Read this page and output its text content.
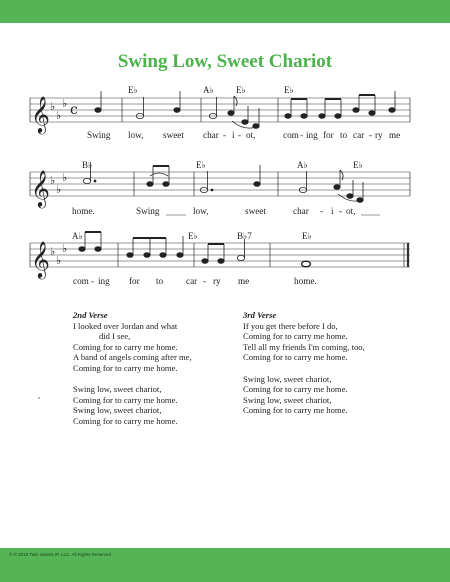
Swing Low, Sweet Chariot
𝄞
𝄞
𝄞
♭
♭
♭
♭
♭
♭
♭
♭
♭
c
E♭	A♭ E♭	E♭
B♭	E♭	A♭	E♭
A♭	E♭	B♭7	E♭
Swing low, sweet char - i - ot,	com - ing for to car - ry me
home.	Swing	low,	sweet	char - i - ot,
com - ing for to car - ry me	home.
2nd Verse
I looked over Jordan and what
did I see,
Coming for to carry me home.
A band of angels coming after me,
Coming for to carry me home.
Swing low, sweet chariot,
Coming for to carry me home.
Swing low, sweet chariot,
Coming for to carry me home.
3rd Verse
If you get there before I do,
Coming for to carry me home.
Tell all my friends I'm coming, too,
Coming for to carry me home.
Swing low, sweet chariot,
Coming for to carry me home.
Swing low, sweet chariot,
Coming for to carry me home.
© ℗ 2018 Twin Sisters IP, LLC. All Rights Reserved
